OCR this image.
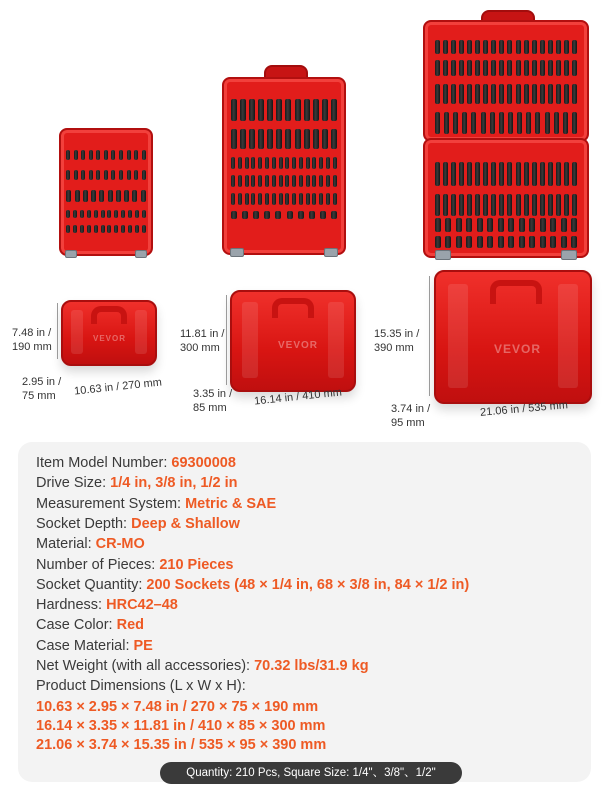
VEVOR
VEVOR	VEVOR
7.48 in /
190 mm
2.95 in /
75 mm	10.63 in / 270 mm
11.81 in /
300 mm
3.35 in /
85 mm
16.14 in / 410 mm
15.35 in /
390 mm
3.74 in /
95 mm
21.06 in / 535 mm
Item Model Number: 69300008
Drive Size: 1/4 in, 3/8 in, 1/2 in
Measurement System: Metric & SAE
Socket Depth: Deep & Shallow
Material: CR-MO
Number of Pieces: 210 Pieces
Socket Quantity: 200 Sockets (48 × 1/4 in, 68 × 3/8 in, 84 × 1/2 in)
Hardness: HRC42–48
Case Color: Red
Case Material: PE
Net Weight (with all accessories): 70.32 lbs/31.9 kg
Product Dimensions (L x W x H):
10.63 × 2.95 × 7.48 in / 270 × 75 × 190 mm
16.14 × 3.35 × 11.81 in / 410 × 85 × 300 mm
21.06 × 3.74 × 15.35 in / 535 × 95 × 390 mm
Quantity: 210 Pcs, Square Size: 1/4"、3/8"、1/2"
